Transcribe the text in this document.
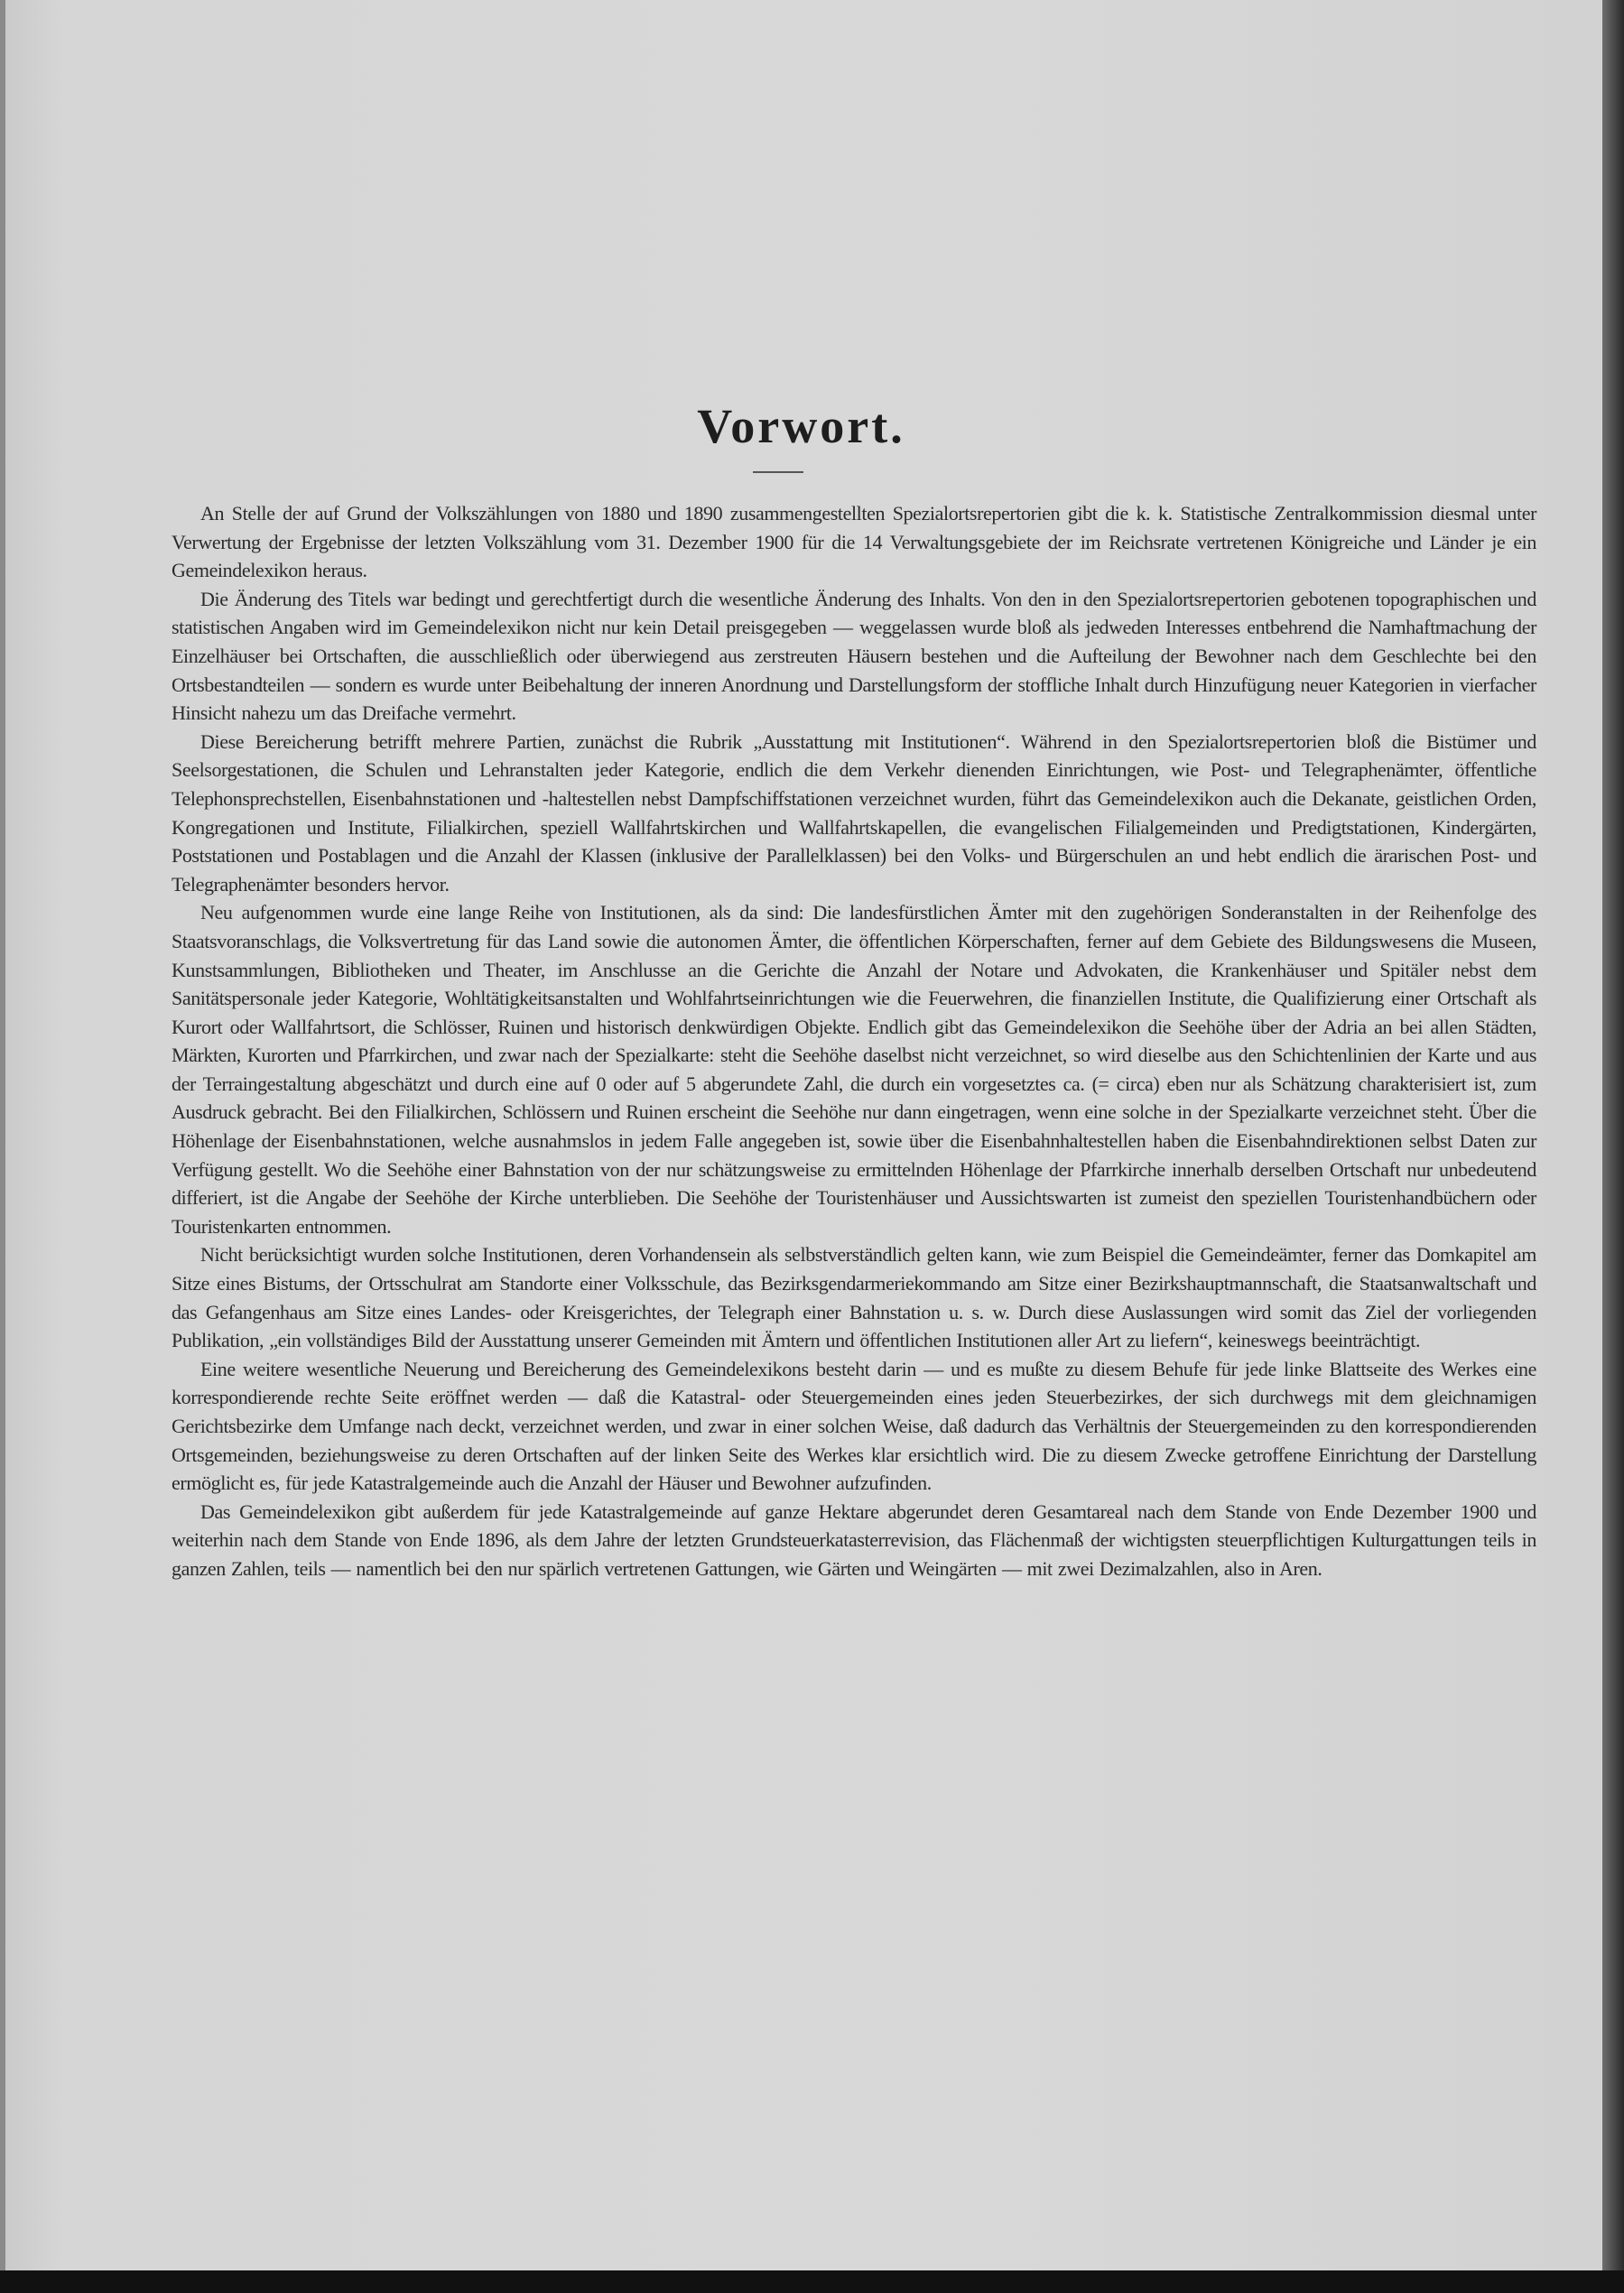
Vorwort.

An Stelle der auf Grund der Volkszählungen von 1880 und 1890 zusammengestellten Spezialortsrepertorien gibt die k. k. Statistische Zentralkommission diesmal unter Verwertung der Ergebnisse der letzten Volkszählung vom 31. Dezember 1900 für die 14 Verwaltungsgebiete der im Reichsrate vertretenen Königreiche und Länder je ein Gemeindelexikon heraus.

Die Änderung des Titels war bedingt und gerechtfertigt durch die wesentliche Änderung des Inhalts. Von den in den Spezialortsrepertorien gebotenen topographischen und statistischen Angaben wird im Gemeindelexikon nicht nur kein Detail preisgegeben — weggelassen wurde bloß als jedweden Interesses entbehrend die Namhaftmachung der Einzelhäuser bei Ortschaften, die ausschließlich oder überwiegend aus zerstreuten Häusern bestehen und die Aufteilung der Bewohner nach dem Geschlechte bei den Ortsbestandteilen — sondern es wurde unter Beibehaltung der inneren Anordnung und Darstellungsform der stoffliche Inhalt durch Hinzufügung neuer Kategorien in vierfacher Hinsicht nahezu um das Dreifache vermehrt.

Diese Bereicherung betrifft mehrere Partien, zunächst die Rubrik „Ausstattung mit Institutionen“. Während in den Spezialortsrepertorien bloß die Bistümer und Seelsorgestationen, die Schulen und Lehranstalten jeder Kategorie, endlich die dem Verkehr dienenden Einrichtungen, wie Post- und Telegraphenämter, öffentliche Telephonsprechstellen, Eisenbahnstationen und -haltestellen nebst Dampfschiffstationen verzeichnet wurden, führt das Gemeindelexikon auch die Dekanate, geistlichen Orden, Kongregationen und Institute, Filialkirchen, speziell Wallfahrtskirchen und Wallfahrtskapellen, die evangelischen Filialgemeinden und Predigtstationen, Kindergärten, Poststationen und Postablagen und die Anzahl der Klassen (inklusive der Parallelklassen) bei den Volks- und Bürgerschulen an und hebt endlich die ärarischen Post- und Telegraphenämter besonders hervor.

Neu aufgenommen wurde eine lange Reihe von Institutionen, als da sind: Die landesfürstlichen Ämter mit den zugehörigen Sonderanstalten in der Reihenfolge des Staatsvoranschlags, die Volksvertretung für das Land sowie die autonomen Ämter, die öffentlichen Körperschaften, ferner auf dem Gebiete des Bildungswesens die Museen, Kunstsammlungen, Bibliotheken und Theater, im Anschlusse an die Gerichte die Anzahl der Notare und Advokaten, die Krankenhäuser und Spitäler nebst dem Sanitätspersonale jeder Kategorie, Wohltätigkeitsanstalten und Wohlfahrtseinrichtungen wie die Feuerwehren, die finanziellen Institute, die Qualifizierung einer Ortschaft als Kurort oder Wallfahrtsort, die Schlösser, Ruinen und historisch denkwürdigen Objekte. Endlich gibt das Gemeindelexikon die Seehöhe über der Adria an bei allen Städten, Märkten, Kurorten und Pfarrkirchen, und zwar nach der Spezialkarte: steht die Seehöhe daselbst nicht verzeichnet, so wird dieselbe aus den Schichtenlinien der Karte und aus der Terraingestaltung abgeschätzt und durch eine auf 0 oder auf 5 abgerundete Zahl, die durch ein vorgesetztes ca. (= circa) eben nur als Schätzung charakterisiert ist, zum Ausdruck gebracht. Bei den Filialkirchen, Schlössern und Ruinen erscheint die Seehöhe nur dann eingetragen, wenn eine solche in der Spezialkarte verzeichnet steht. Über die Höhenlage der Eisenbahnstationen, welche ausnahmslos in jedem Falle angegeben ist, sowie über die Eisenbahnhaltestellen haben die Eisenbahndirektionen selbst Daten zur Verfügung gestellt. Wo die Seehöhe einer Bahnstation von der nur schätzungsweise zu ermittelnden Höhenlage der Pfarrkirche innerhalb derselben Ortschaft nur unbedeutend differiert, ist die Angabe der Seehöhe der Kirche unterblieben. Die Seehöhe der Touristenhäuser und Aussichtswarten ist zumeist den speziellen Touristenhandbüchern oder Touristenkarten entnommen.

Nicht berücksichtigt wurden solche Institutionen, deren Vorhandensein als selbstverständlich gelten kann, wie zum Beispiel die Gemeindeämter, ferner das Domkapitel am Sitze eines Bistums, der Ortsschulrat am Standorte einer Volksschule, das Bezirksgendarmeriekommando am Sitze einer Bezirkshauptmannschaft, die Staatsanwaltschaft und das Gefangenhaus am Sitze eines Landes- oder Kreisgerichtes, der Telegraph einer Bahnstation u. s. w. Durch diese Auslassungen wird somit das Ziel der vorliegenden Publikation, „ein vollständiges Bild der Ausstattung unserer Gemeinden mit Ämtern und öffentlichen Institutionen aller Art zu liefern“, keineswegs beeinträchtigt.

Eine weitere wesentliche Neuerung und Bereicherung des Gemeindelexikons besteht darin — und es mußte zu diesem Behufe für jede linke Blattseite des Werkes eine korrespondierende rechte Seite eröffnet werden — daß die Katastral- oder Steuergemeinden eines jeden Steuerbezirkes, der sich durchwegs mit dem gleichnamigen Gerichtsbezirke dem Umfange nach deckt, verzeichnet werden, und zwar in einer solchen Weise, daß dadurch das Verhältnis der Steuergemeinden zu den korrespondierenden Ortsgemeinden, beziehungsweise zu deren Ortschaften auf der linken Seite des Werkes klar ersichtlich wird. Die zu diesem Zwecke getroffene Einrichtung der Darstellung ermöglicht es, für jede Katastralgemeinde auch die Anzahl der Häuser und Bewohner aufzufinden.

Das Gemeindelexikon gibt außerdem für jede Katastralgemeinde auf ganze Hektare abgerundet deren Gesamtareal nach dem Stande von Ende Dezember 1900 und weiterhin nach dem Stande von Ende 1896, als dem Jahre der letzten Grundsteuerkatasterrevision, das Flächenmaß der wichtigsten steuerpflichtigen Kulturgattungen teils in ganzen Zahlen, teils — namentlich bei den nur spärlich vertretenen Gattungen, wie Gärten und Weingärten — mit zwei Dezimalzahlen, also in Aren.
